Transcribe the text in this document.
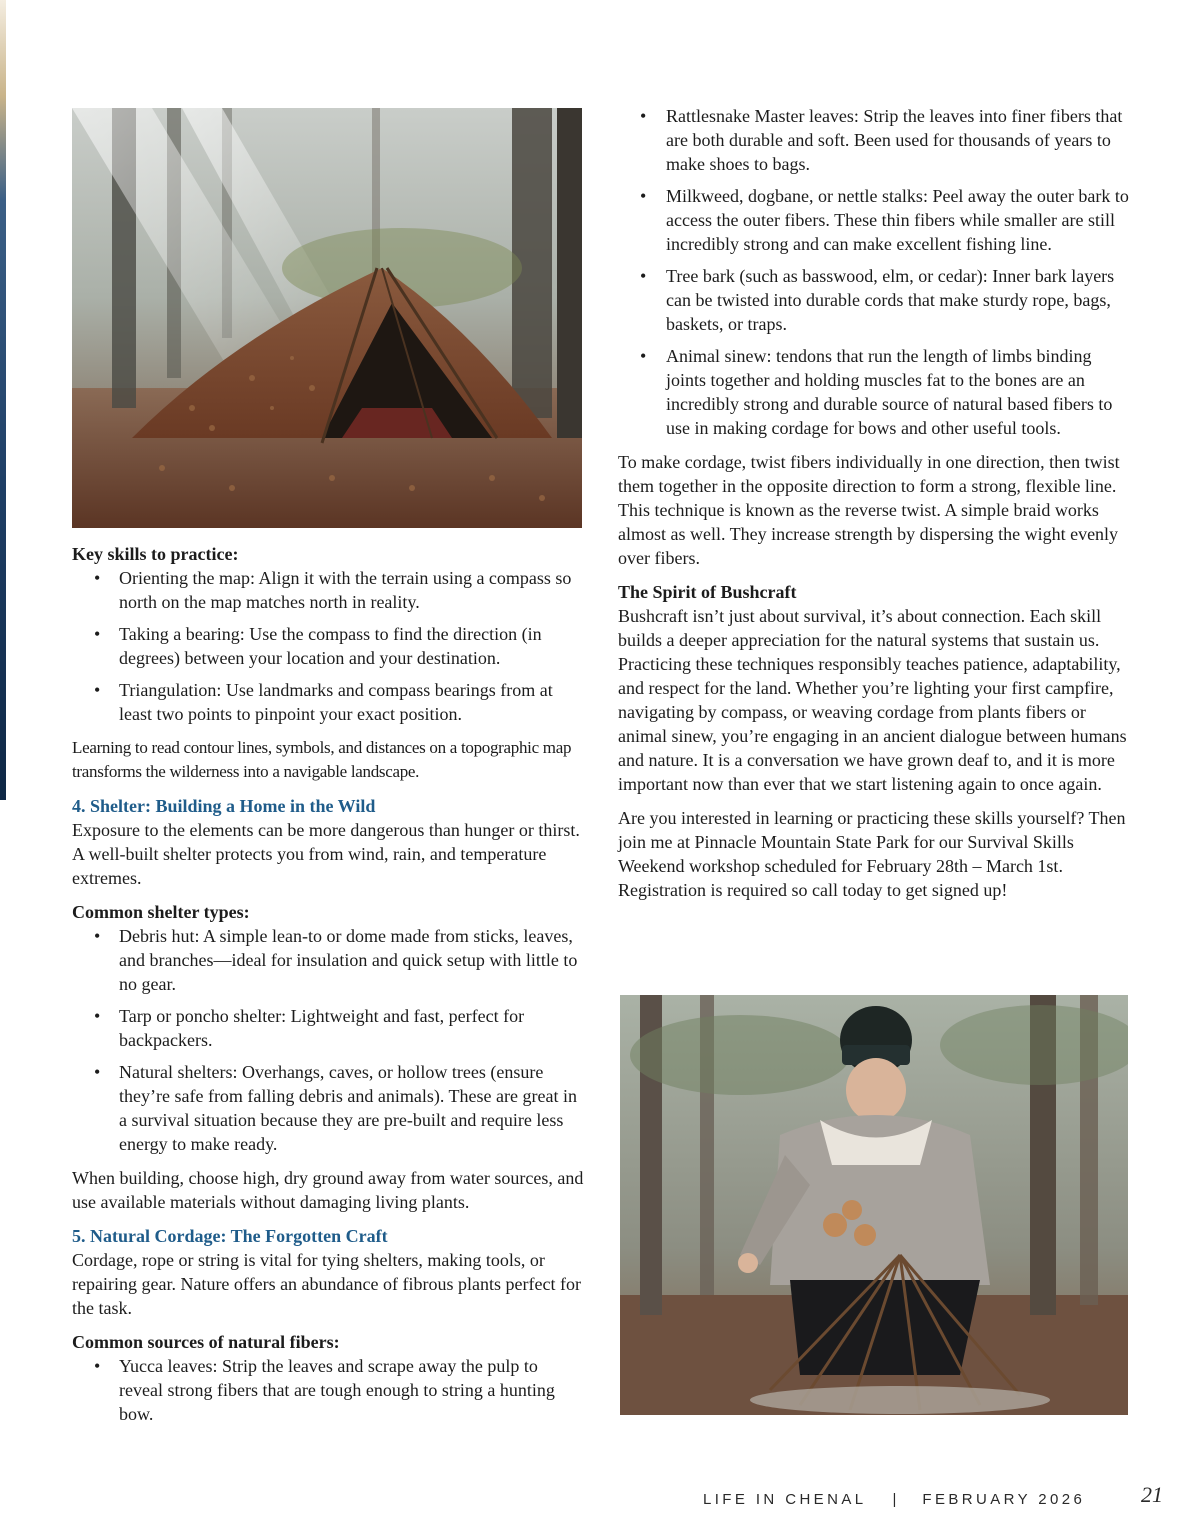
Key skills to practice:

• Orienting the map: Align it with the terrain using a compass so north on the map matches north in reality.
• Taking a bearing: Use the compass to find the direction (in degrees) between your location and your destination.
• Triangulation: Use landmarks and compass bearings from at least two points to pinpoint your exact position.

Learning to read contour lines, symbols, and distances on a topographic map transforms the wilderness into a navigable landscape.

4. Shelter: Building a Home in the Wild

Exposure to the elements can be more dangerous than hunger or thirst. A well-built shelter protects you from wind, rain, and temperature extremes.

Common shelter types:

• Debris hut: A simple lean-to or dome made from sticks, leaves, and branches—ideal for insulation and quick setup with little to no gear.
• Tarp or poncho shelter: Lightweight and fast, perfect for backpackers.
• Natural shelters: Overhangs, caves, or hollow trees (ensure they’re safe from falling debris and animals). These are great in a survival situation because they are pre-built and require less energy to make ready.

When building, choose high, dry ground away from water sources, and use available materials without damaging living plants.

5. Natural Cordage: The Forgotten Craft

Cordage, rope or string is vital for tying shelters, making tools, or repairing gear. Nature offers an abundance of fibrous plants perfect for the task.

Common sources of natural fibers:

• Yucca leaves: Strip the leaves and scrape away the pulp to reveal strong fibers that are tough enough to string a hunting bow.
• Rattlesnake Master leaves: Strip the leaves into finer fibers that are both durable and soft. Been used for thousands of years to make shoes to bags.
• Milkweed, dogbane, or nettle stalks: Peel away the outer bark to access the outer fibers. These thin fibers while smaller are still incredibly strong and can make excellent fishing line.
• Tree bark (such as basswood, elm, or cedar): Inner bark layers can be twisted into durable cords that make sturdy rope, bags, baskets, or traps.
• Animal sinew: tendons that run the length of limbs binding joints together and holding muscles fat to the bones are an incredibly strong and durable source of natural based fibers to use in making cordage for bows and other useful tools.

To make cordage, twist fibers individually in one direction, then twist them together in the opposite direction to form a strong, flexible line. This technique is known as the reverse twist. A simple braid works almost as well. They increase strength by dispersing the wight evenly over fibers.

The Spirit of Bushcraft

Bushcraft isn’t just about survival, it’s about connection. Each skill builds a deeper appreciation for the natural systems that sustain us. Practicing these techniques responsibly teaches patience, adaptability, and respect for the land. Whether you’re lighting your first campfire, navigating by compass, or weaving cordage from plants fibers or animal sinew, you’re engaging in an ancient dialogue between humans and nature. It is a conversation we have grown deaf to, and it is more important now than ever that we start listening again to once again.

Are you interested in learning or practicing these skills yourself? Then join me at Pinnacle Mountain State Park for our Survival Skills Weekend workshop scheduled for February 28th – March 1st. Registration is required so call today to get signed up!

LIFE IN CHENAL | FEBRUARY 2026	21
